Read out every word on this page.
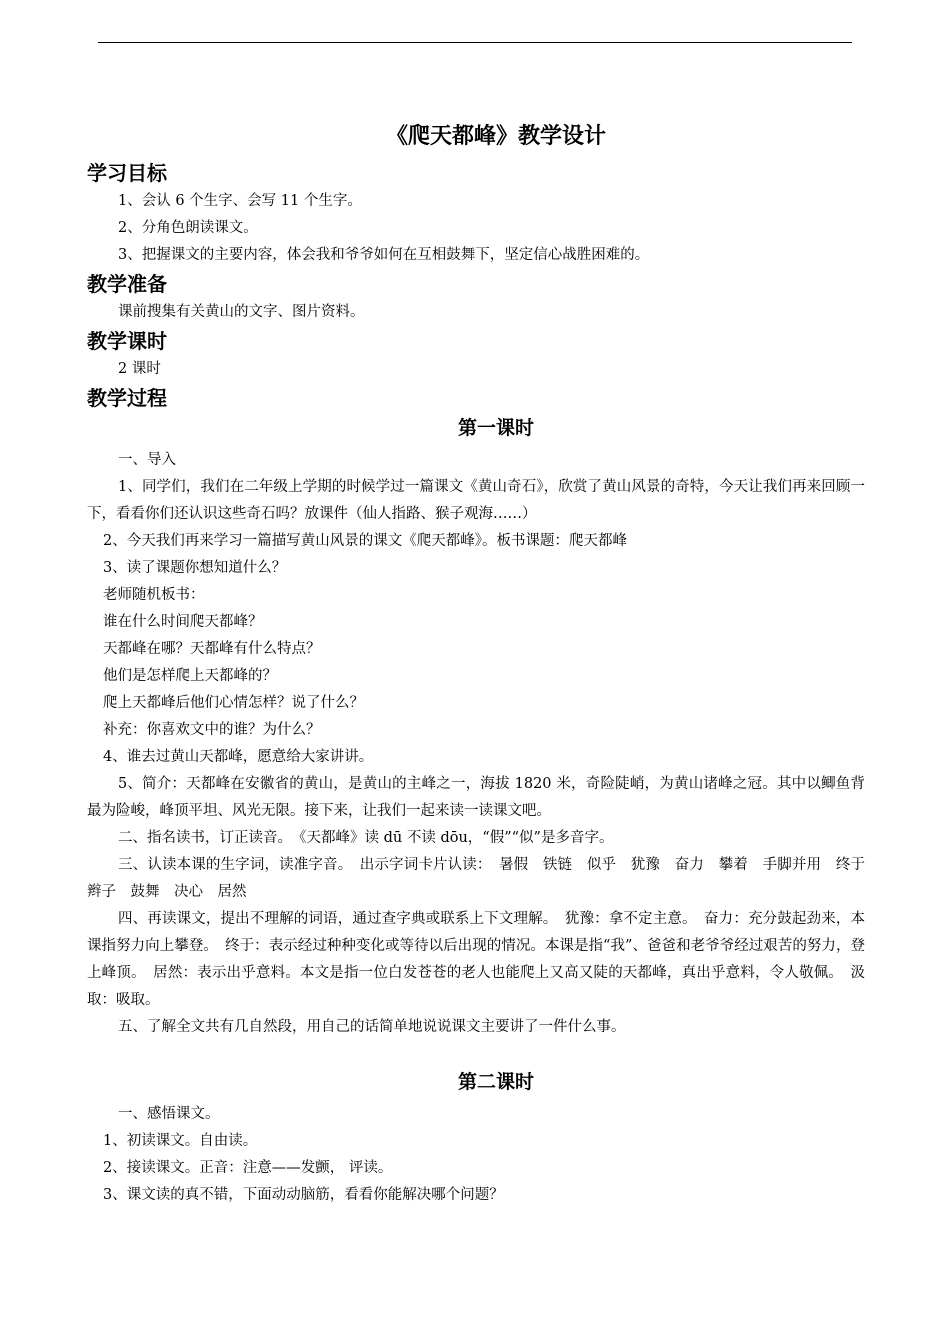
《爬天都峰》教学设计
学习目标

1、会认 6 个生字、会写 11 个生字。

2、分角色朗读课文。

3、把握课文的主要内容，体会我和爷爷如何在互相鼓舞下，坚定信心战胜困难的。

教学准备

课前搜集有关黄山的文字、图片资料。

教学课时

2 课时

教学过程
第一课时

一、导入

1、同学们，我们在二年级上学期的时候学过一篇课文《黄山奇石》，欣赏了黄山风景的奇特，今天让我们再来回顾一下，看看你们还认识这些奇石吗？放课件（仙人指路、猴子观海……）

2、今天我们再来学习一篇描写黄山风景的课文《爬天都峰》。板书课题：爬天都峰

3、读了课题你想知道什么？

老师随机板书：

谁在什么时间爬天都峰？

天都峰在哪？天都峰有什么特点？

他们是怎样爬上天都峰的？

爬上天都峰后他们心情怎样？说了什么？

补充：你喜欢文中的谁？为什么？

4、谁去过黄山天都峰，愿意给大家讲讲。

5、简介：天都峰在安徽省的黄山，是黄山的主峰之一，海拔 1820 米，奇险陡峭，为黄山诸峰之冠。其中以鲫鱼背最为险峻，峰顶平坦、风光无限。接下来，让我们一起来读一读课文吧。

二、指名读书，订正读音。　《天都峰》读 dū 不读 dōu，“假”“似”是多音字。

三、认读本课的生字词，读准字音。　出示字词卡片认读：　暑假　铁链　似乎　犹豫　奋力　攀着　手脚并用　终于　辫子　鼓舞　决心　居然

四、再读课文，提出不理解的词语，通过查字典或联系上下文理解。　犹豫：拿不定主意。　奋力：充分鼓起劲来，本课指努力向上攀登。　终于：表示经过种种变化或等待以后出现的情况。本课是指“我”、爸爸和老爷爷经过艰苦的努力，登上峰顶。　居然：表示出乎意料。本文是指一位白发苍苍的老人也能爬上又高又陡的天都峰，真出乎意料，令人敬佩。　汲取：吸取。

五、了解全文共有几自然段，用自己的话简单地说说课文主要讲了一件什么事。

第二课时

一、感悟课文。

1、初读课文。自由读。

2、接读课文。正音：注意——发颤， 评读。

3、课文读的真不错，下面动动脑筋，看看你能解决哪个问题？
